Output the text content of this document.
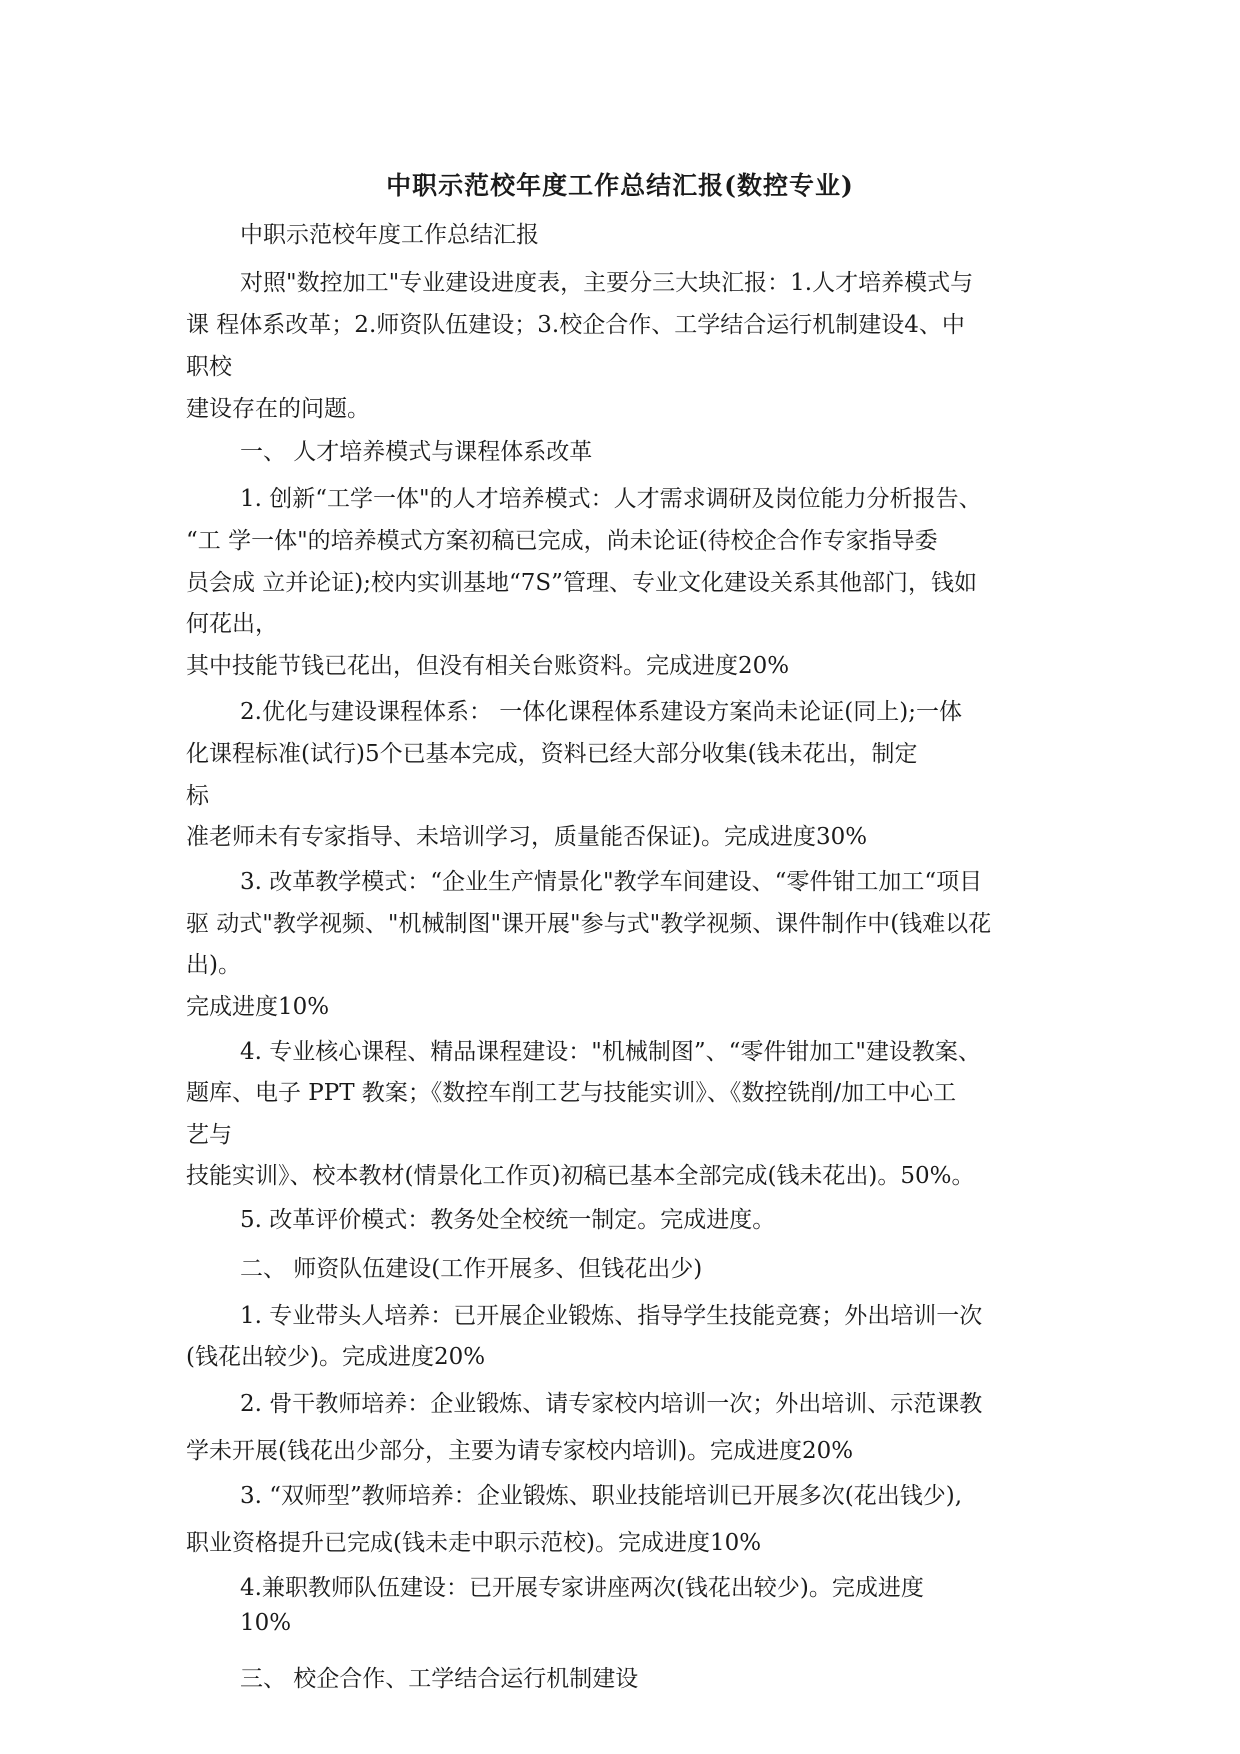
中职示范校年度工作总结汇报(数控专业)
中职示范校年度工作总结汇报
对照"数控加工"专业建设进度表，主要分三大块汇报：1.人才培养模式与
课 程体系改革；2.师资队伍建设；3.校企合作、工学结合运行机制建设4、中
职校
建设存在的问题。
一、 人才培养模式与课程体系改革
1. 创新“工学一体"的人才培养模式：人才需求调研及岗位能力分析报告、
“工 学一体"的培养模式方案初稿已完成，尚未论证(待校企合作专家指导委
员会成 立并论证);校内实训基地“7S”管理、专业文化建设关系其他部门，钱如
何花出，
其中技能节钱已花出，但没有相关台账资料。完成进度20%
2.优化与建设课程体系： 一体化课程体系建设方案尚未论证(同上);一体
化课程标准(试行)5个已基本完成，资料已经大部分收集(钱未花出，制定
标
准老师未有专家指导、未培训学习，质量能否保证)。完成进度30%
3. 改革教学模式：“企业生产情景化"教学车间建设、“零件钳工加工“项目
驱 动式"教学视频、"机械制图"课开展"参与式"教学视频、课件制作中(钱难以花
出)。
完成进度10%
4. 专业核心课程、精品课程建设："机械制图”、“零件钳加工"建设教案、
题库、电子 PPT 教案；《数控车削工艺与技能实训》、《数控铣削/加工中心工
艺与
技能实训》、校本教材(情景化工作页)初稿已基本全部完成(钱未花出)。50%。
5. 改革评价模式：教务处全校统一制定。完成进度。
二、 师资队伍建设(工作开展多、但钱花出少)
1. 专业带头人培养：已开展企业锻炼、指导学生技能竞赛；外出培训一次
(钱花出较少)。完成进度20%
2. 骨干教师培养：企业锻炼、请专家校内培训一次；外出培训、示范课教
学未开展(钱花出少部分，主要为请专家校内培训)。完成进度20%
3. “双师型”教师培养：企业锻炼、职业技能培训已开展多次(花出钱少),
职业资格提升已完成(钱未走中职示范校)。完成进度10%
4.兼职教师队伍建设：已开展专家讲座两次(钱花出较少)。完成进度
10%
三、 校企合作、工学结合运行机制建设
